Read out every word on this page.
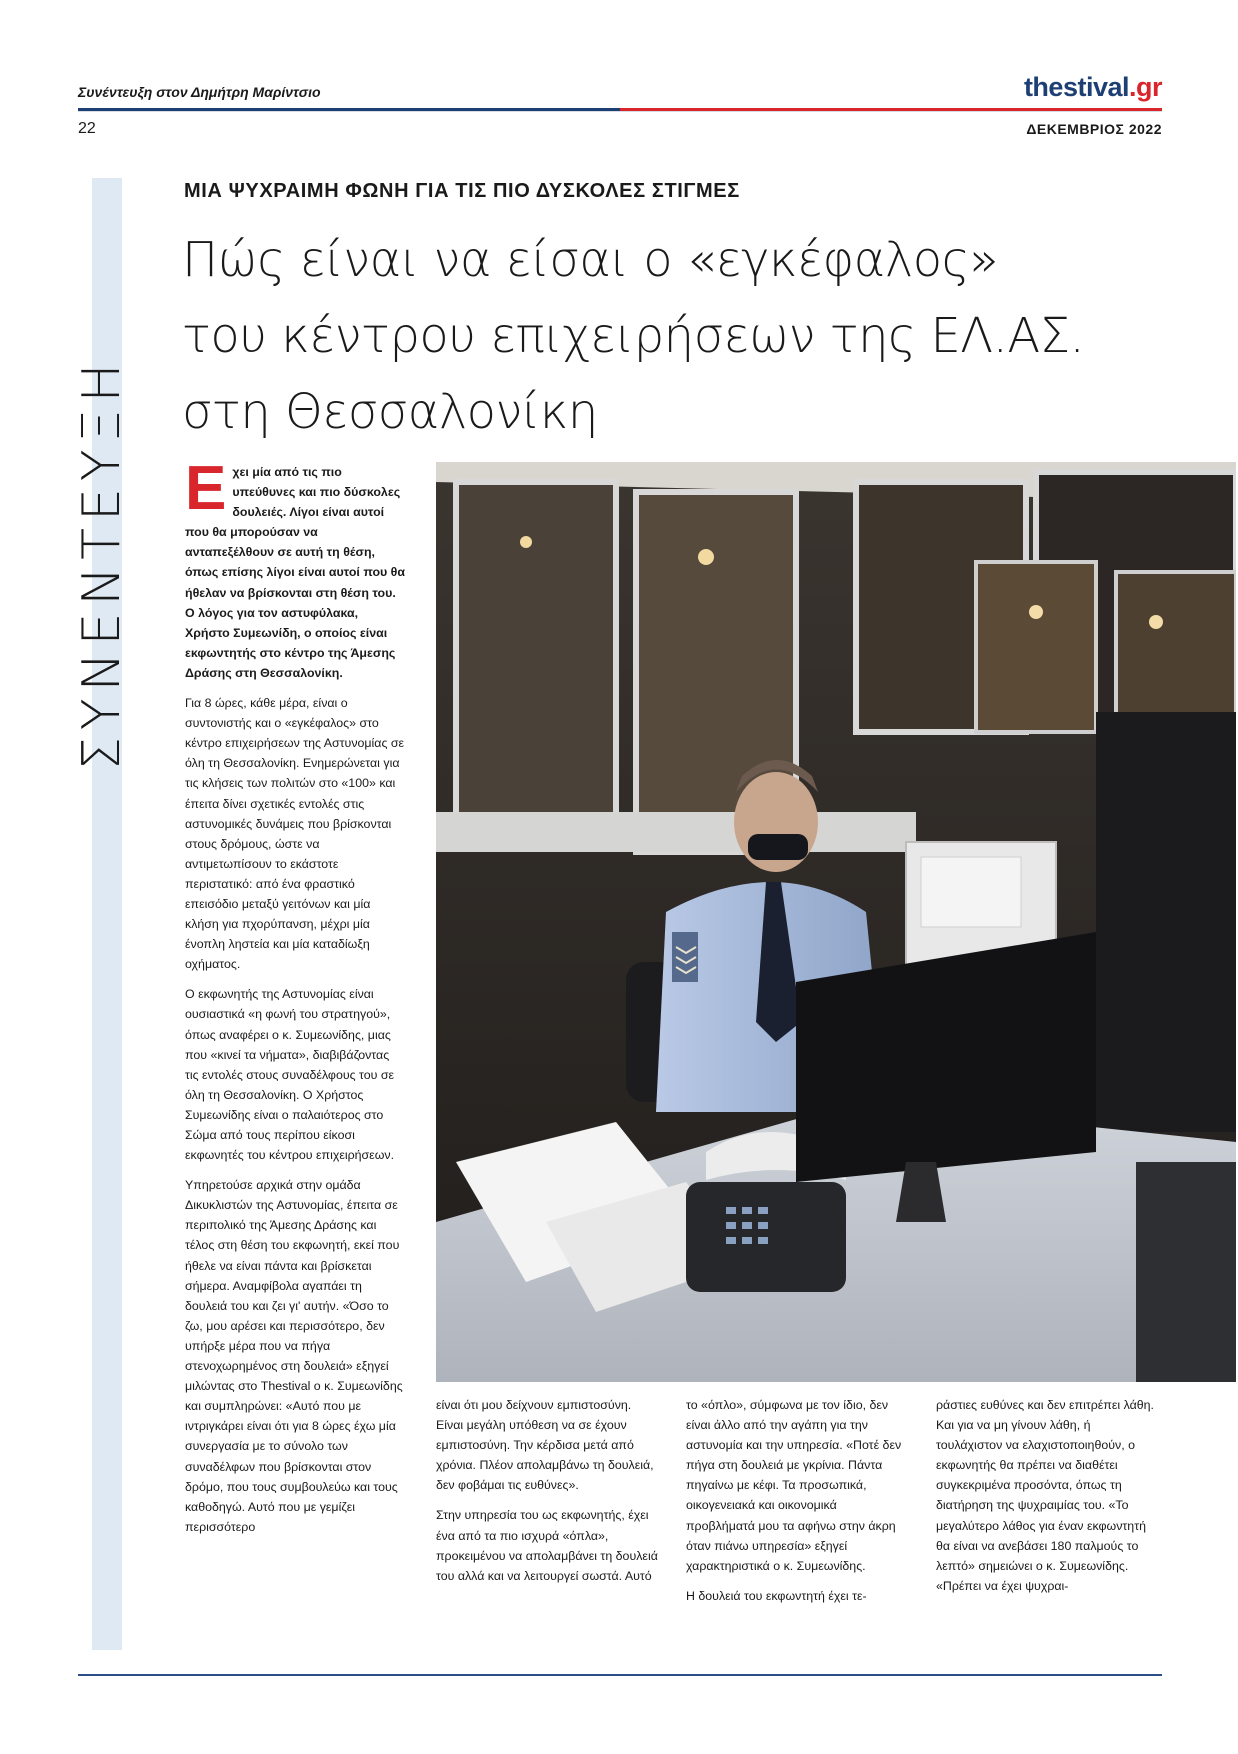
Συνέντευξη στον Δημήτρη Μαρίντσιο	thestival.gr
22	ΔΕΚΕΜΒΡΙΟΣ 2022
ΣΥΝΕΝΤΕΥΞΗ
ΜΙΑ ΨΥΧΡΑΙΜΗ ΦΩΝΗ ΓΙΑ ΤΙΣ ΠΙΟ ΔΥΣΚΟΛΕΣ ΣΤΙΓΜΕΣ
Πώς είναι να είσαι ο «εγκέφαλος»
του κέντρου επιχειρήσεων της ΕΛ.ΑΣ.
στη Θεσσαλονίκη

Εχει μία από τις πιο υπεύθυνες και πιο δύσκολες δουλειές. Λίγοι είναι αυτοί που θα μπορούσαν να ανταπεξέλθουν σε αυτή τη θέση, όπως επίσης λίγοι είναι αυτοί που θα ήθελαν να βρίσκονται στη θέση του. Ο λόγος για τον αστυφύλακα, Χρήστο Συμεωνίδη, ο οποίος είναι εκφωντητής στο κέντρο της Άμεσης Δράσης στη Θεσσαλονίκη.

Για 8 ώρες, κάθε μέρα, είναι ο συντονιστής και ο «εγκέφαλος» στο κέντρο επιχειρήσεων της Αστυνομίας σε όλη τη Θεσσαλονίκη. Ενημερώνεται για τις κλήσεις των πολιτών στο «100» και έπειτα δίνει σχετικές εντολές στις αστυνομικές δυνάμεις που βρίσκονται στους δρόμους, ώστε να αντιμετωπίσουν το εκάστοτε περιστατικό: από ένα φραστικό επεισόδιο μεταξύ γειτόνων και μία κλήση για πχορύπανση, μέχρι μία ένοπλη ληστεία και μία καταδίωξη οχήματος.

Ο εκφωνητής της Αστυνομίας είναι ουσιαστικά «η φωνή του στρατηγού», όπως αναφέρει ο κ. Συμεωνίδης, μιας που «κινεί τα νήματα», διαβιβάζοντας τις εντολές στους συναδέλφους του σε όλη τη Θεσσαλονίκη. Ο Χρήστος Συμεωνίδης είναι ο παλαιότερος στο Σώμα από τους περίπου είκοσι εκφωνητές του κέντρου επιχειρήσεων.

Υπηρετούσε αρχικά στην ομάδα Δικυκλιστών της Αστυνομίας, έπειτα σε περιπολικό της Άμεσης Δράσης και τέλος στη θέση του εκφωνητή, εκεί που ήθελε να είναι πάντα και βρίσκεται σήμερα. Αναμφίβολα αγαπάει τη δουλειά του και ζει γι' αυτήν. «Όσο το ζω, μου αρέσει και περισσότερο, δεν υπήρξε μέρα που να πήγα στενοχωρημένος στη δουλειά» εξηγεί μιλώντας στο Thestival ο κ. Συμεωνίδης και συμπληρώνει: «Αυτό που με ιντριγκάρει είναι ότι για 8 ώρες έχω μία συνεργασία με το σύνολο των συναδέλφων που βρίσκονται στον δρόμο, που τους συμβουλεύω και τους καθοδηγώ. Αυτό που με γεμίζει περισσότερο

είναι ότι μου δείχνουν εμπιστοσύνη. Είναι μεγάλη υπόθεση να σε έχουν εμπιστοσύνη. Την κέρδισα μετά από χρόνια. Πλέον απολαμβάνω τη δουλειά, δεν φοβάμαι τις ευθύνες».

Στην υπηρεσία του ως εκφωνητής, έχει ένα από τα πιο ισχυρά «όπλα», προκειμένου να απολαμβάνει τη δουλειά του αλλά και να λειτουργεί σωστά. Αυτό

το «όπλο», σύμφωνα με τον ίδιο, δεν είναι άλλο από την αγάπη για την αστυνομία και την υπηρεσία. «Ποτέ δεν πήγα στη δουλειά με γκρίνια. Πάντα πηγαίνω με κέφι. Τα προσωπικά, οικογενειακά και οικονομικά προβλήματά μου τα αφήνω στην άκρη όταν πιάνω υπηρεσία» εξηγεί χαρακτηριστικά ο κ. Συμεωνίδης.

Η δουλειά του εκφωντητή έχει τε-

ράστιες ευθύνες και δεν επιτρέπει λάθη. Και για να μη γίνουν λάθη, ή τουλάχιστον να ελαχιστοποιηθούν, ο εκφωνητής θα πρέπει να διαθέτει συγκεκριμένα προσόντα, όπως τη διατήρηση της ψυχραιμίας του. «Το μεγαλύτερο λάθος για έναν εκφωντητή θα είναι να ανεβάσει 180 παλμούς το λεπτό» σημειώνει ο κ. Συμεωνίδης. «Πρέπει να έχει ψυχραι-
